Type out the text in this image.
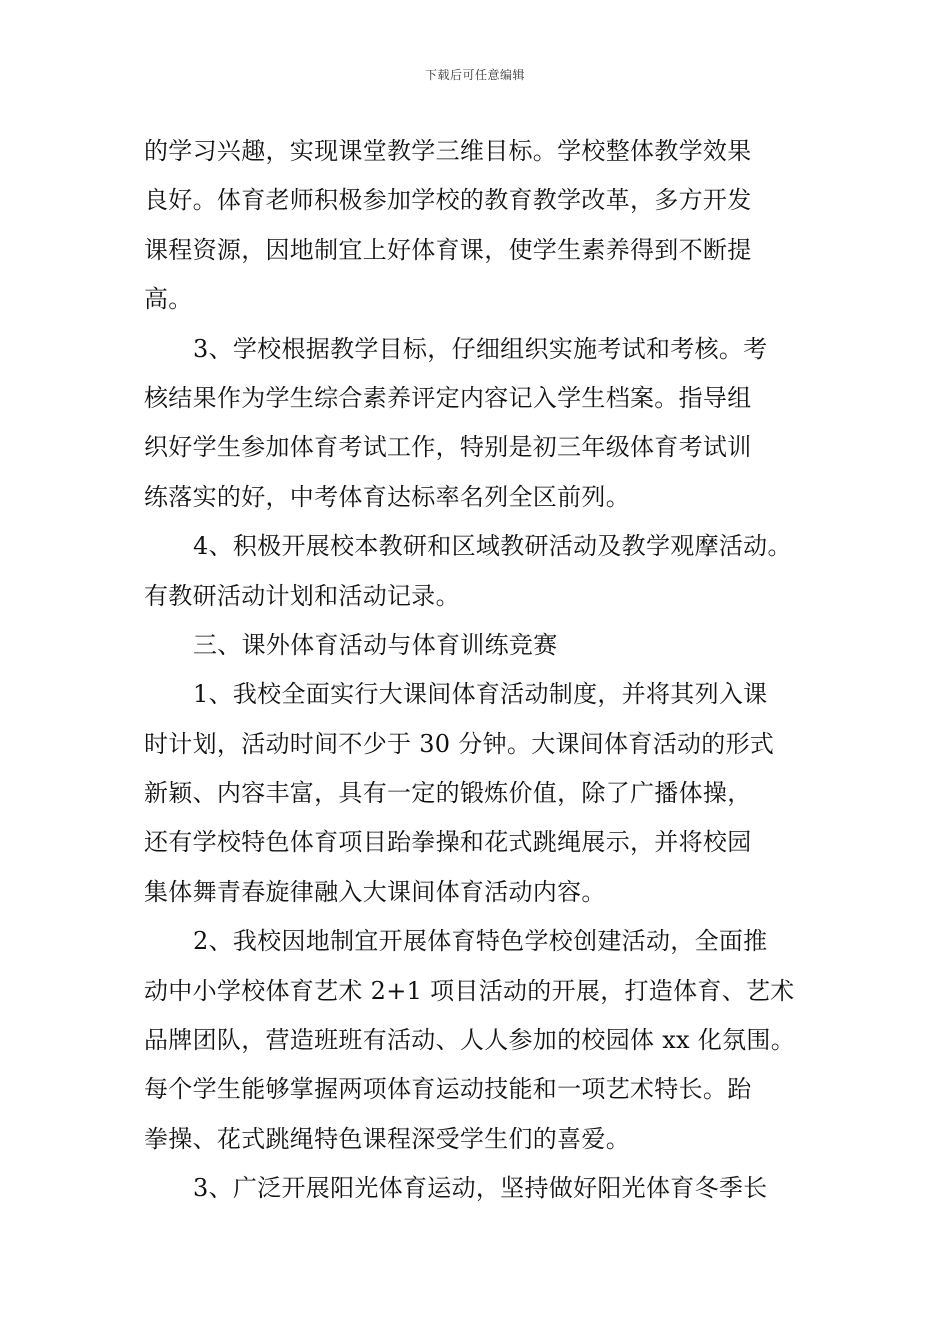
下载后可任意编辑
的学习兴趣，实现课堂教学三维目标。学校整体教学效果
良好。体育老师积极参加学校的教育教学改革，多方开发
课程资源，因地制宜上好体育课，使学生素养得到不断提
高。
3、学校根据教学目标，仔细组织实施考试和考核。考
核结果作为学生综合素养评定内容记入学生档案。指导组
织好学生参加体育考试工作，特别是初三年级体育考试训
练落实的好，中考体育达标率名列全区前列。
4、积极开展校本教研和区域教研活动及教学观摩活动。
有教研活动计划和活动记录。
三、课外体育活动与体育训练竞赛
1、我校全面实行大课间体育活动制度，并将其列入课
时计划，活动时间不少于 30 分钟。大课间体育活动的形式
新颖、内容丰富，具有一定的锻炼价值，除了广播体操，
还有学校特色体育项目跆拳操和花式跳绳展示，并将校园
集体舞青春旋律融入大课间体育活动内容。
2、我校因地制宜开展体育特色学校创建活动，全面推
动中小学校体育艺术 2+1 项目活动的开展，打造体育、艺术
品牌团队，营造班班有活动、人人参加的校园体 xx 化氛围。
每个学生能够掌握两项体育运动技能和一项艺术特长。跆
拳操、花式跳绳特色课程深受学生们的喜爱。
3、广泛开展阳光体育运动，坚持做好阳光体育冬季长
